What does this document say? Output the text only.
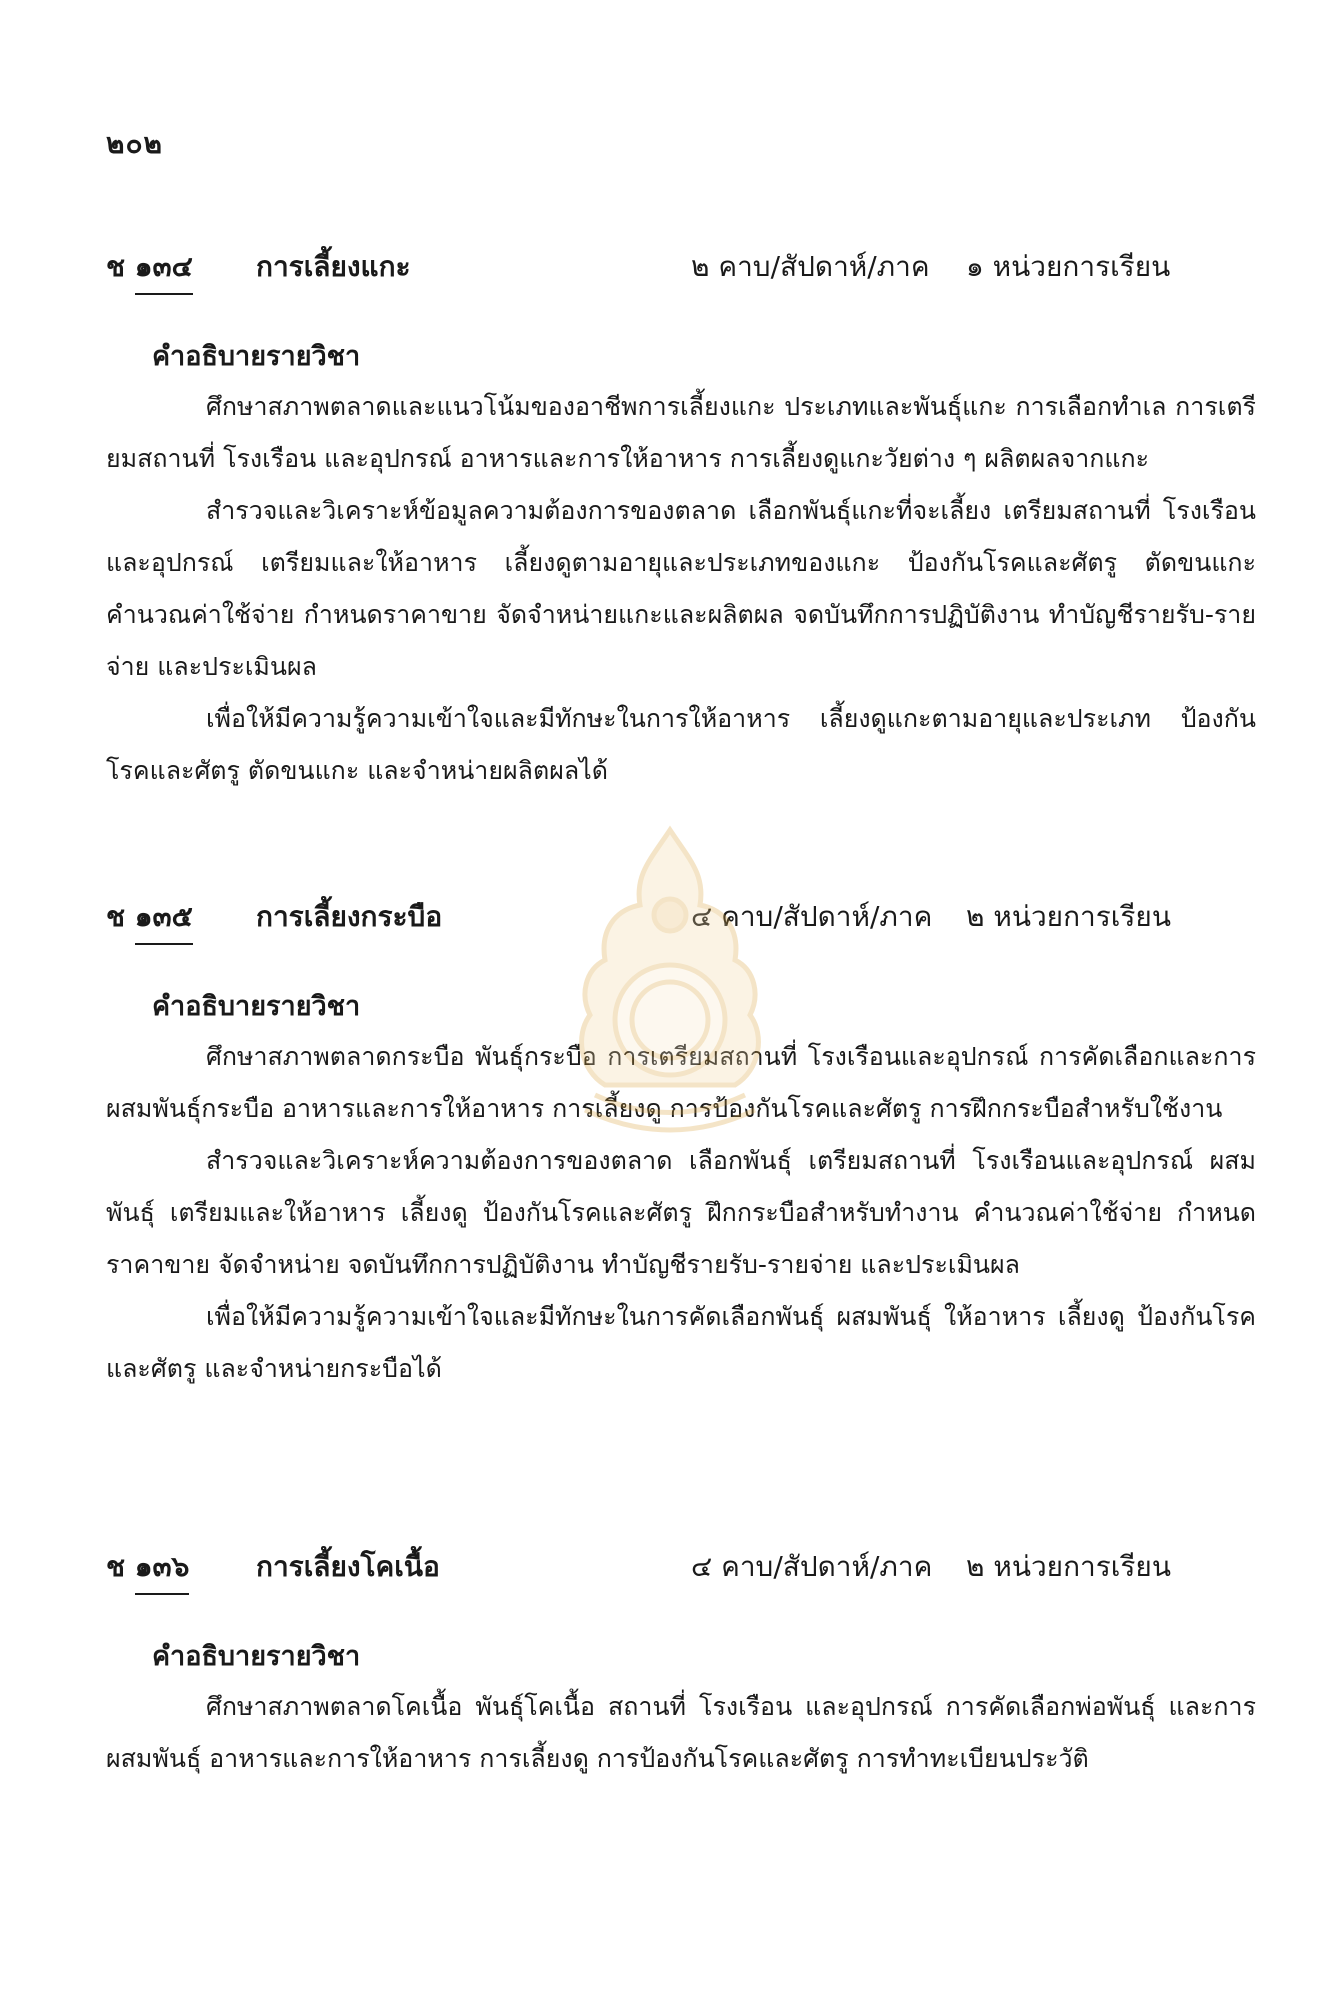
๒๐๒
ช ๑๓๔ การเลี้ยงแกะ	๒ คาบ/สัปดาห์/ภาค ๑ หน่วยการเรียน
คำอธิบายรายวิชา

ศึกษาสภาพตลาดและแนวโน้มของอาชีพการเลี้ยงแกะ ประเภทและพันธุ์แกะ การเลือกทำเล การเตรียมสถานที่ โรงเรือน และอุปกรณ์ อาหารและการให้อาหาร การเลี้ยงดูแกะวัยต่าง ๆ ผลิตผลจากแกะ

สำรวจและวิเคราะห์ข้อมูลความต้องการของตลาด เลือกพันธุ์แกะที่จะเลี้ยง เตรียมสถานที่ โรงเรือนและอุปกรณ์ เตรียมและให้อาหาร เลี้ยงดูตามอายุและประเภทของแกะ ป้องกันโรคและศัตรู ตัดขนแกะ คำนวณค่าใช้จ่าย กำหนดราคาขาย จัดจำหน่ายแกะและผลิตผล จดบันทึกการปฏิบัติงาน ทำบัญชีรายรับ-รายจ่าย และประเมินผล

เพื่อให้มีความรู้ความเข้าใจและมีทักษะในการให้อาหาร เลี้ยงดูแกะตามอายุและประเภท ป้องกันโรคและศัตรู ตัดขนแกะ และจำหน่ายผลิตผลได้

ช ๑๓๕ การเลี้ยงกระบือ	๔ คาบ/สัปดาห์/ภาค ๒ หน่วยการเรียน
คำอธิบายรายวิชา

ศึกษาสภาพตลาดกระบือ พันธุ์กระบือ การเตรียมสถานที่ โรงเรือนและอุปกรณ์ การคัดเลือกและการผสมพันธุ์กระบือ อาหารและการให้อาหาร การเลี้ยงดู การป้องกันโรคและศัตรู การฝึกกระบือสำหรับใช้งาน

สำรวจและวิเคราะห์ความต้องการของตลาด เลือกพันธุ์ เตรียมสถานที่ โรงเรือนและอุปกรณ์ ผสมพันธุ์ เตรียมและให้อาหาร เลี้ยงดู ป้องกันโรคและศัตรู ฝึกกระบือสำหรับทำงาน คำนวณค่าใช้จ่าย กำหนดราคาขาย จัดจำหน่าย จดบันทึกการปฏิบัติงาน ทำบัญชีรายรับ-รายจ่าย และประเมินผล

เพื่อให้มีความรู้ความเข้าใจและมีทักษะในการคัดเลือกพันธุ์ ผสมพันธุ์ ให้อาหาร เลี้ยงดู ป้องกันโรคและศัตรู และจำหน่ายกระบือได้

ช ๑๓๖ การเลี้ยงโคเนื้อ	๔ คาบ/สัปดาห์/ภาค ๒ หน่วยการเรียน
คำอธิบายรายวิชา

ศึกษาสภาพตลาดโคเนื้อ พันธุ์โคเนื้อ สถานที่ โรงเรือน และอุปกรณ์ การคัดเลือกพ่อพันธุ์ และการผสมพันธุ์ อาหารและการให้อาหาร การเลี้ยงดู การป้องกันโรคและศัตรู การทำทะเบียนประวัติ
